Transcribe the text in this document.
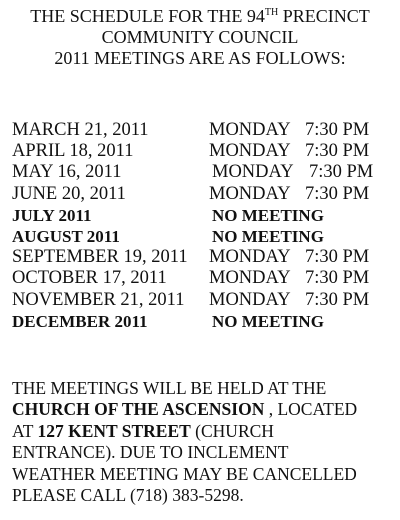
THE SCHEDULE FOR THE 94TH PRECINCT
COMMUNITY COUNCIL
2011 MEETINGS ARE AS FOLLOWS:
MARCH 21, 2011	MONDAY 7:30 PM
APRIL 18, 2011	MONDAY 7:30 PM
MAY 16, 2011	MONDAY 7:30 PM
JUNE 20, 2011	MONDAY 7:30 PM
JULY 2011	NO MEETING
AUGUST 2011	NO MEETING
SEPTEMBER 19, 2011 MONDAY 7:30 PM
OCTOBER 17, 2011 MONDAY 7:30 PM
NOVEMBER 21, 2011 MONDAY 7:30 PM
DECEMBER 2011	NO MEETING
THE MEETINGS WILL BE HELD AT THE
CHURCH OF THE ASCENSION , LOCATED
AT 127 KENT STREET (CHURCH
ENTRANCE). DUE TO INCLEMENT
WEATHER MEETING MAY BE CANCELLED
PLEASE CALL (718) 383-5298.
